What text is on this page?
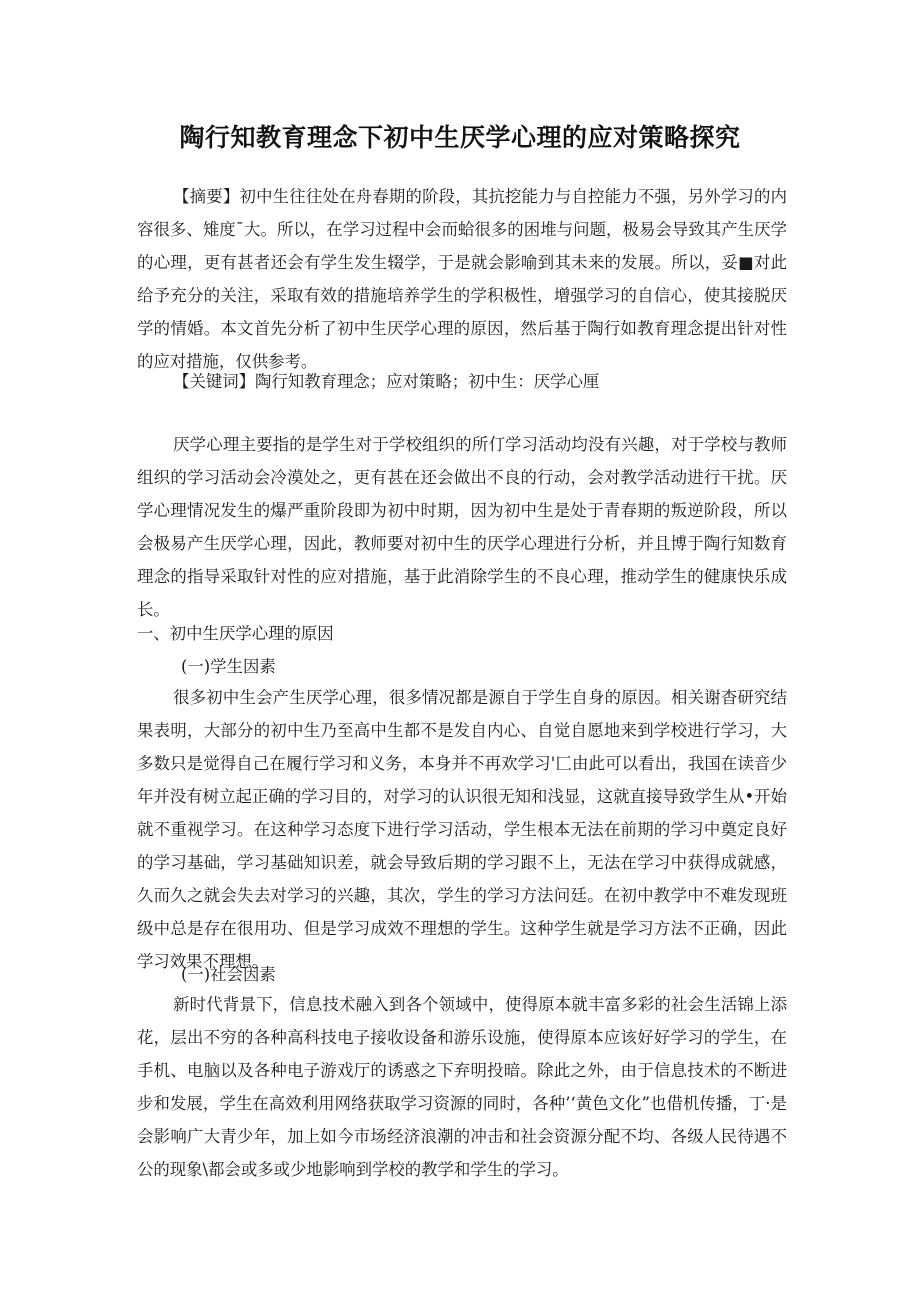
陶行知教育理念下初中生厌学心理的应对策略探究

【摘要】初中生往往处在舟春期的阶段，其抗挖能力与自控能力不强，另外学习的内容很多、雉度ˉ大。所以，在学习过程中会而蛤很多的困堆与问题，极易会导致其产生厌学的心理，更有甚者还会有学生发生辍学，于是就会影喻到其未来的发展。所以，妥■对此给予充分的关注，采取有效的措施培养学生的学积极性，增强学习的自信心，使其接脱厌学的情婚。本文首先分析了初中生厌学心理的原因，然后基于陶行如教育理念提出针对性的应对措施，仅供参考。

【关键词】陶行知教育理念；应对策略；初中生：厌学心厘

厌学心理主要指的是学生对于学校组织的所仃学习活动均没有兴趣，对于学校与教师组织的学习活动会冷漠处之，更有甚在还会做出不良的行动，会对教学活动进行干扰。厌学心理情况发生的爆严重阶段即为初中时期，因为初中生是处于青春期的叛逆阶段，所以会极易产生厌学心理，因此，教师要对初中生的厌学心理进行分析，并且博于陶行知数育理念的指导采取针对性的应对措施，基于此消除学生的不良心理，推动学生的健康快乐成长。

一、初中生厌学心理的原因

(一)学生因素

很多初中生会产生厌学心理，很多情况都是源自于学生自身的原因。相关谢杳研究结果表明，大部分的初中生乃至高中生都不是发自内心、自觉自愿地来到学校进行学习，大多数只是觉得自己在履行学习和义务，本身并不再欢学习'匚由此可以看出，我国在读音少年并没有树立起正确的学习目的，对学习的认识很无知和浅显，这就直接导致学生从•开始就不重视学习。在这种学习态度下进行学习活动，学生根本无法在前期的学习中奠定良好的学习基础，学习基础知识差，就会导致后期的学习跟不上，无法在学习中获得成就感，久而久之就会失去对学习的兴趣，其次，学生的学习方法问廷。在初中教学中不难发现班级中总是存在很用功、但是学习成效不理想的学生。这种学生就是学习方法不正确，因此学习效果不理想。

(一)社会因素

新时代背景下，信息技术融入到各个领域中，使得原本就丰富多彩的社会生活锦上添花，层出不穷的各种高科技电子接收设备和游乐设施，使得原本应该好好学习的学生，在手机、电脑以及各种电子游戏厅的诱惑之下弃明投暗。除此之外，由于信息技术的不断进步和发展，学生在高效利用网络获取学习资源的同时，各种’‘黄色文化”也借机传播，丁·是会影响广大青少年，加上如今市场经济浪潮的冲击和社会资源分配不均、各级人民待遇不公的现象\都会或多或少地影响到学校的教学和学生的学习。
